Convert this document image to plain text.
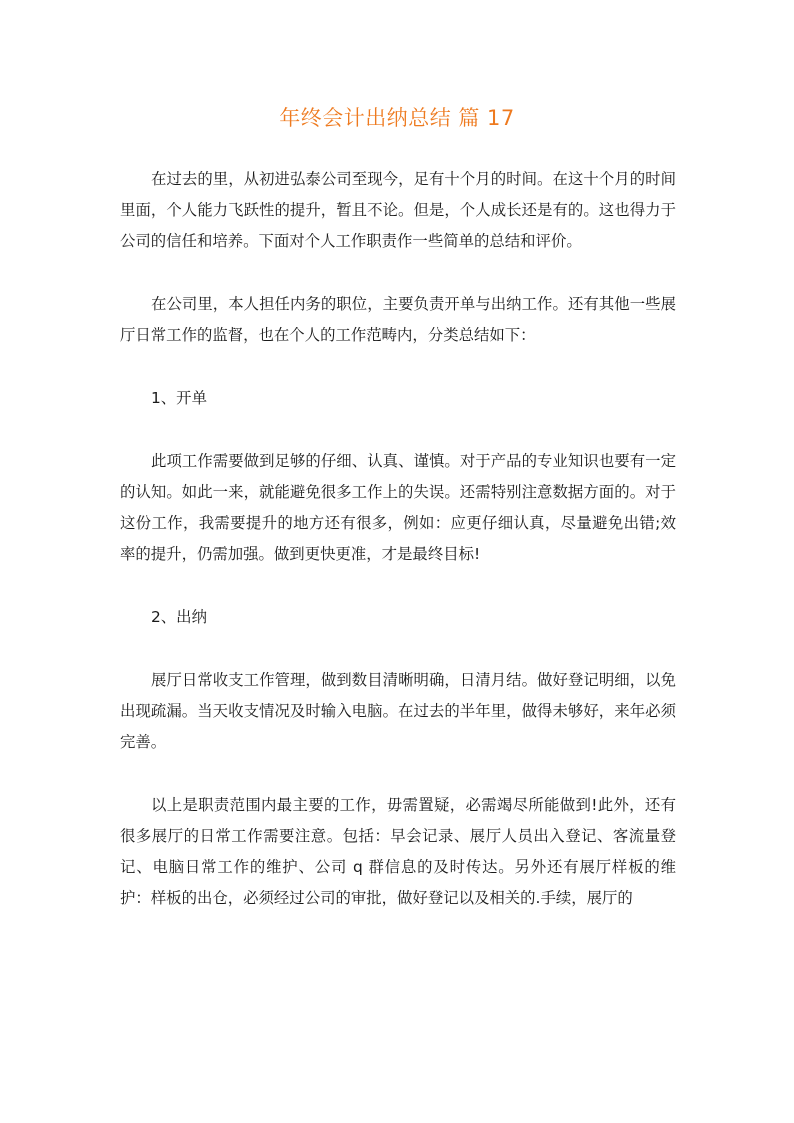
年终会计出纳总结 篇 17

在过去的里，从初进弘泰公司至现今，足有十个月的时间。在这十个月的时间里面，个人能力飞跃性的提升，暂且不论。但是，个人成长还是有的。这也得力于公司的信任和培养。下面对个人工作职责作一些简单的总结和评价。

在公司里，本人担任内务的职位，主要负责开单与出纳工作。还有其他一些展厅日常工作的监督，也在个人的工作范畴内，分类总结如下：

1、开单

此项工作需要做到足够的仔细、认真、谨慎。对于产品的专业知识也要有一定的认知。如此一来，就能避免很多工作上的失误。还需特别注意数据方面的。对于这份工作，我需要提升的地方还有很多，例如：应更仔细认真，尽量避免出错;效率的提升，仍需加强。做到更快更准，才是最终目标!

2、出纳

展厅日常收支工作管理，做到数目清晰明确，日清月结。做好登记明细，以免出现疏漏。当天收支情况及时输入电脑。在过去的半年里，做得未够好，来年必须完善。

以上是职责范围内最主要的工作，毋需置疑，必需竭尽所能做到!此外，还有很多展厅的日常工作需要注意。包括：早会记录、展厅人员出入登记、客流量登记、电脑日常工作的维护、公司 q 群信息的及时传达。另外还有展厅样板的维护：样板的出仓，必须经过公司的审批，做好登记以及相关的.手续，展厅的
